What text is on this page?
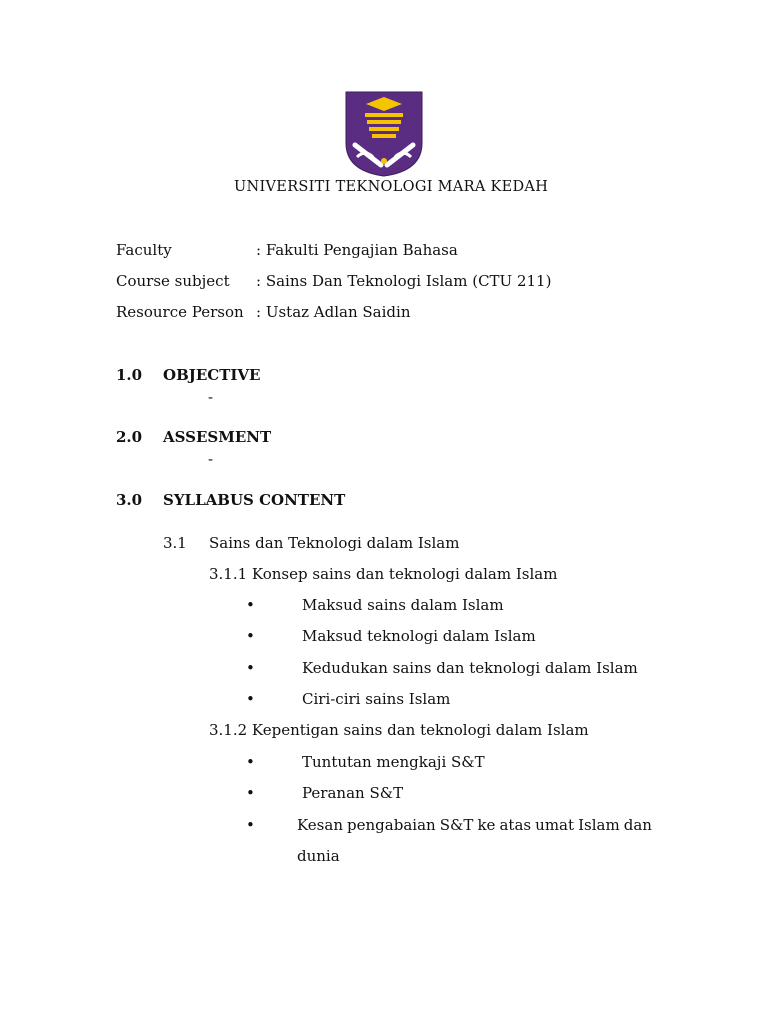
UNIVERSITI TEKNOLOGI MARA KEDAH
Faculty	: Fakulti Pengajian Bahasa
Course subject : Sains Dan Teknologi Islam (CTU 211)
Resource Person : Ustaz Adlan Saidin
1.0 OBJECTIVE
-
2.0 ASSESMENT
-
3.0 SYLLABUS CONTENT
3.1 Sains dan Teknologi dalam Islam
3.1.1 Konsep sains dan teknologi dalam Islam
•	Maksud sains dalam Islam
•	Maksud teknologi dalam Islam
•	Kedudukan sains dan teknologi dalam Islam
•	Ciri-ciri sains Islam
3.1.2 Kepentigan sains dan teknologi dalam Islam
•	Tuntutan mengkaji S&T
•	Peranan S&T
•	Kesan pengabaian S&T ke atas umat Islam dan
dunia
